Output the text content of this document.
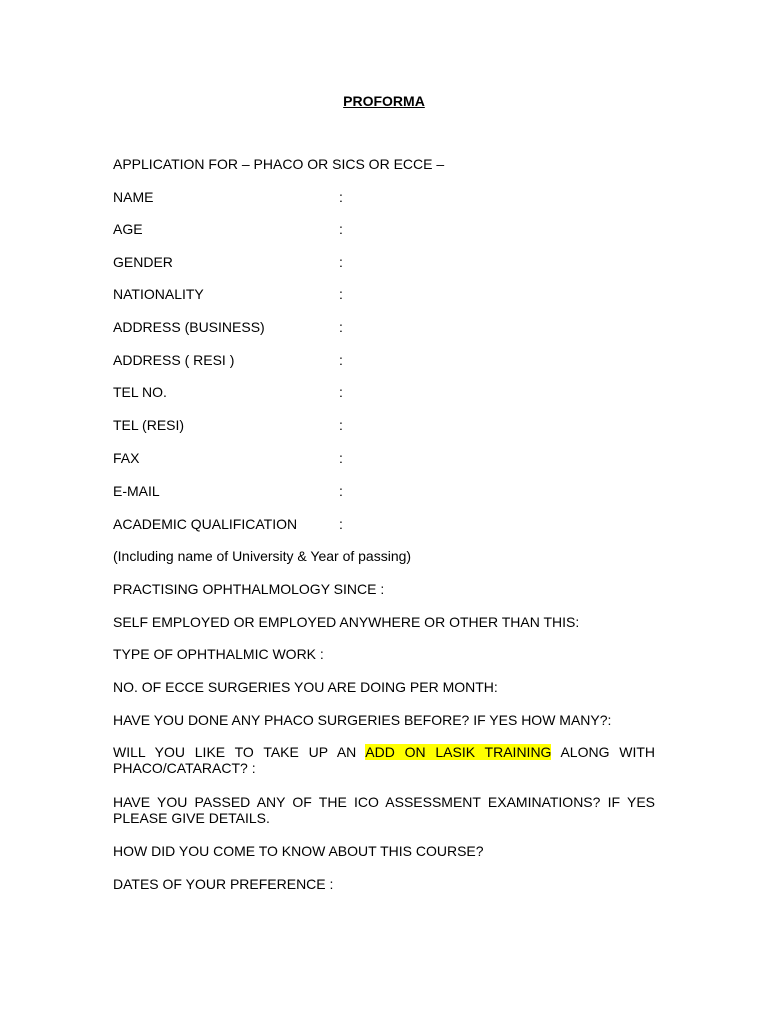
PROFORMA
APPLICATION FOR – PHACO OR SICS OR ECCE –
NAME	:
AGE	:
GENDER	:
NATIONALITY	:
ADDRESS (BUSINESS)	:
ADDRESS ( RESI )	:
TEL NO.	:
TEL (RESI)	:
FAX	:
E-MAIL	:
ACADEMIC QUALIFICATION	:
(Including name of University & Year of passing)
PRACTISING OPHTHALMOLOGY SINCE :
SELF EMPLOYED OR EMPLOYED ANYWHERE OR OTHER THAN THIS:
TYPE OF OPHTHALMIC WORK :
NO. OF ECCE SURGERIES YOU ARE DOING PER MONTH:
HAVE YOU DONE ANY PHACO SURGERIES BEFORE? IF YES HOW MANY?:
WILL YOU LIKE TO TAKE UP AN ADD ON LASIK TRAINING ALONG WITH
PHACO/CATARACT? :
HAVE YOU PASSED ANY OF THE ICO ASSESSMENT EXAMINATIONS? IF YES
PLEASE GIVE DETAILS.
HOW DID YOU COME TO KNOW ABOUT THIS COURSE?
DATES OF YOUR PREFERENCE :
